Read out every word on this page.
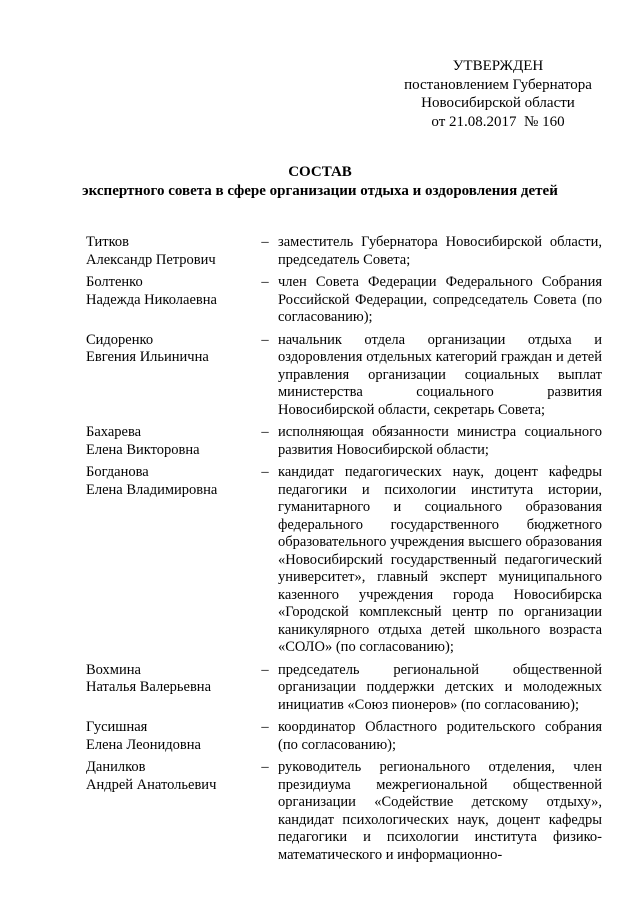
УТВЕРЖДЕН
постановлением Губернатора
Новосибирской области
от 21.08.2017  № 160
СОСТАВ
экспертного совета в сфере организации отдыха и оздоровления детей
Титков
Александр Петрович
– заместитель Губернатора Новосибирской области, председатель Совета;
Болтенко
Надежда Николаевна
– член Совета Федерации Федерального Собрания Российской Федерации, сопредседатель Совета (по согласованию);
Сидоренко
Евгения Ильинична
– начальник отдела организации отдыха и оздоровления отдельных категорий граждан и детей управления организации социальных выплат министерства социального развития Новосибирской области, секретарь Совета;
Бахарева
Елена Викторовна
– исполняющая обязанности министра социального развития Новосибирской области;
Богданова
Елена Владимировна
– кандидат педагогических наук, доцент кафедры педагогики и психологии института истории, гуманитарного и социального образования федерального государственного бюджетного образовательного учреждения высшего образования «Новосибирский государственный педагогический университет», главный эксперт муниципального казенного учреждения города Новосибирска «Городской комплексный центр по организации каникулярного отдыха детей школьного возраста «СОЛО» (по согласованию);
Вохмина
Наталья Валерьевна
– председатель региональной общественной организации поддержки детских и молодежных инициатив «Союз пионеров» (по согласованию);
Гусишная
Елена Леонидовна
– координатор Областного родительского собрания (по согласованию);
Данилков
Андрей Анатольевич
– руководитель регионального отделения, член президиума межрегиональной общественной организации «Содействие детскому отдыху», кандидат психологических наук, доцент кафедры педагогики и психологии института физико-математического и информационно-
